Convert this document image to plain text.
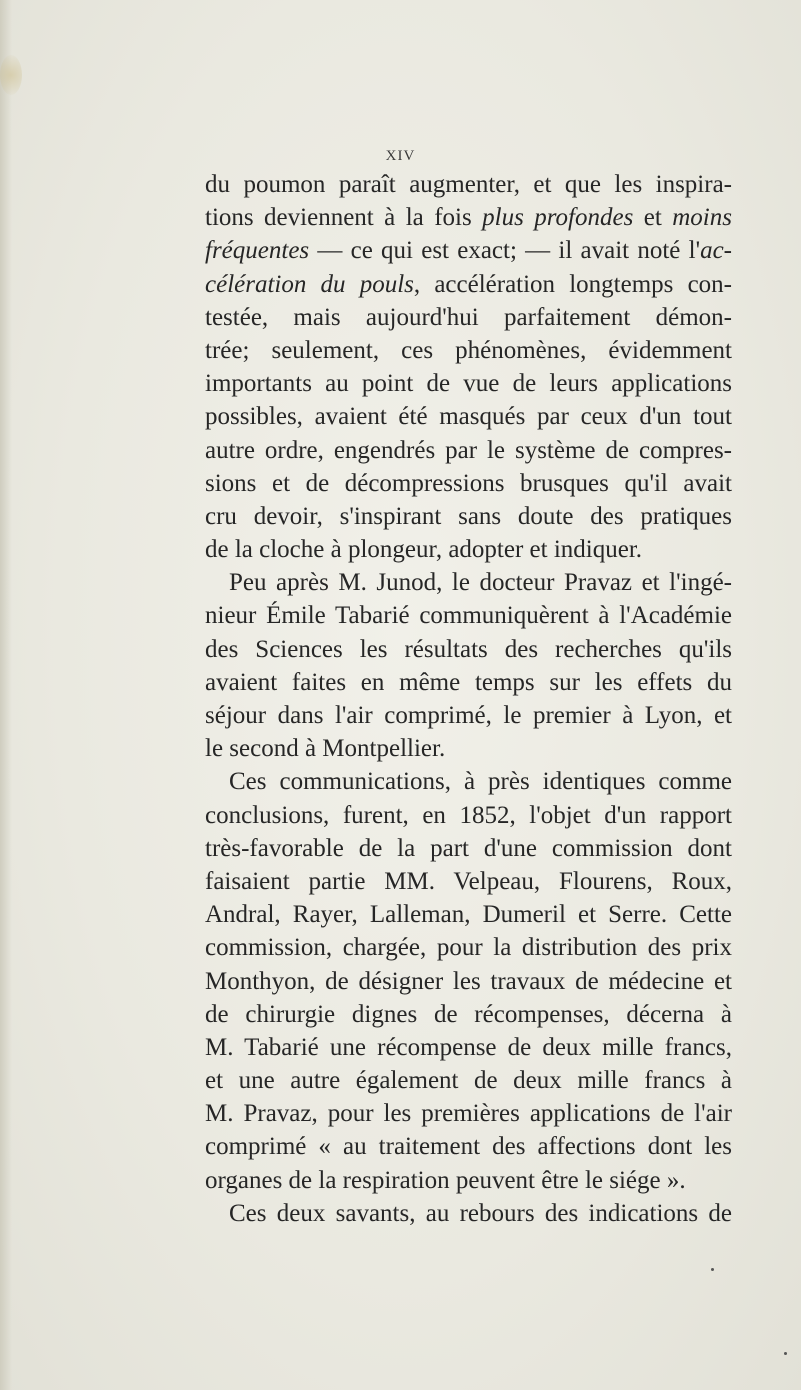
XIV
du poumon paraît augmenter, et que les inspira-
tions deviennent à la fois plus profondes et moins
fréquentes — ce qui est exact; — il avait noté l'ac-
célération du pouls, accélération longtemps con-
testée, mais aujourd'hui parfaitement démon-
trée; seulement, ces phénomènes, évidemment
importants au point de vue de leurs applications
possibles, avaient été masqués par ceux d'un tout
autre ordre, engendrés par le système de compres-
sions et de décompressions brusques qu'il avait
cru devoir, s'inspirant sans doute des pratiques
de la cloche à plongeur, adopter et indiquer.
Peu après M. Junod, le docteur Pravaz et l'ingé-
nieur Émile Tabarié communiquèrent à l'Académie
des Sciences les résultats des recherches qu'ils
avaient faites en même temps sur les effets du
séjour dans l'air comprimé, le premier à Lyon, et
le second à Montpellier.
Ces communications, à près identiques comme
conclusions, furent, en 1852, l'objet d'un rapport
très-favorable de la part d'une commission dont
faisaient partie MM. Velpeau, Flourens, Roux,
Andral, Rayer, Lalleman, Dumeril et Serre. Cette
commission, chargée, pour la distribution des prix
Monthyon, de désigner les travaux de médecine et
de chirurgie dignes de récompenses, décerna à
M. Tabarié une récompense de deux mille francs,
et une autre également de deux mille francs à
M. Pravaz, pour les premières applications de l'air
comprimé « au traitement des affections dont les
organes de la respiration peuvent être le siége ».
Ces deux savants, au rebours des indications de
